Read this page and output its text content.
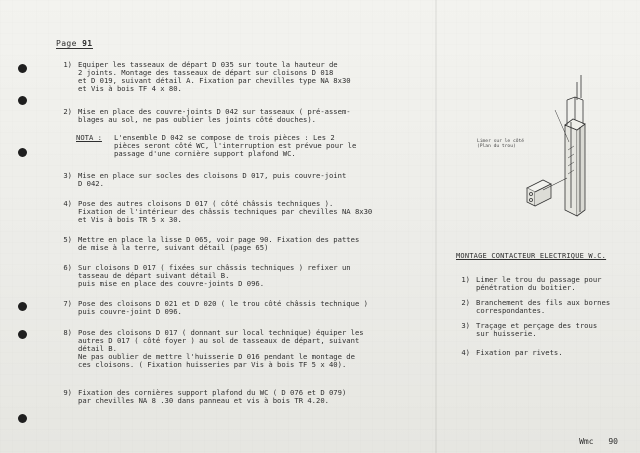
Page 91
1) Equiper les tasseaux de départ D 035 sur toute la hauteur de
2 joints. Montage des tasseaux de départ sur cloisons D 018
et D 019, suivant détail A. Fixation par chevilles type NA 8x30
et Vis à bois TF 4 x 80.
2) Mise en place des couvre-joints D 042 sur tasseaux ( pré-assem-
blages au sol, ne pas oublier les joints côté douches).
NOTA : L'ensemble D 042 se compose de trois pièces : Les 2
pièces seront côté WC, l'interruption est prévue pour le
passage d'une cornière support plafond WC.
3) Mise en place sur socles des cloisons D 017, puis couvre-joint
D 042.
4) Pose des autres cloisons D 017 ( côté châssis techniques ).
Fixation de l'intérieur des châssis techniques par chevilles NA 8x30
et Vis à bois TR 5 x 30.
5) Mettre en place la lisse D 065, voir page 90. Fixation des pattes
de mise à la terre, suivant détail (page 65)
6) Sur cloisons D 017 ( fixées sur châssis techniques ) refixer un
tasseau de départ suivant détail B.
puis mise en place des couvre-joints D 096.
7) Pose des cloisons D 021 et D 020 ( le trou côté châssis technique )
puis couvre-joint D 096.
8) Pose des cloisons D 017 ( donnant sur local technique) équiper les
autres D 017 ( côté foyer ) au sol de tasseaux de départ, suivant
détail B.
Ne pas oublier de mettre l'huisserie D 016 pendant le montage de
ces cloisons. ( Fixation huisseries par Vis à bois TF 5 x 40).
9) Fixation des cornières support plafond du WC ( D 076 et D 079)
par chevilles NA 8 .30 dans panneau et vis à bois TR 4.20.
Limer sur le côté
(Plan du trou)
MONTAGE CONTACTEUR ELECTRIQUE W.C.
1) Limer le trou du passage pour
pénétration du boitier.
2) Branchement des fils aux bornes
correspondantes.
3) Traçage et perçage des trous
sur huisserie.
4) Fixation par rivets.
Wmc 90
